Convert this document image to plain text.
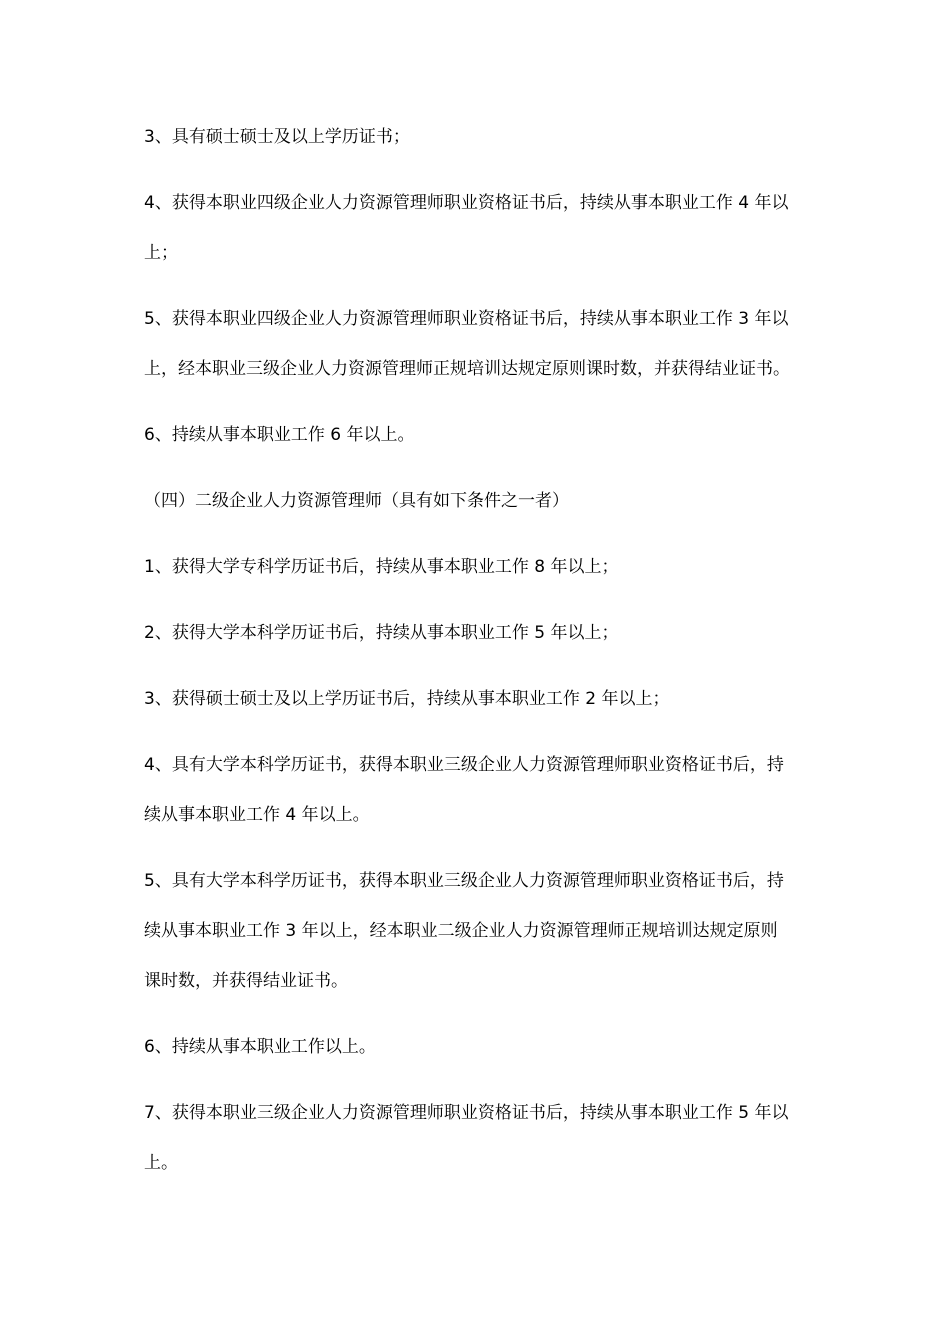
3、具有硕士硕士及以上学历证书；

4、获得本职业四级企业人力资源管理师职业资格证书后，持续从事本职业工作 4 年以
上；

5、获得本职业四级企业人力资源管理师职业资格证书后，持续从事本职业工作 3 年以
上，经本职业三级企业人力资源管理师正规培训达规定原则课时数，并获得结业证书。

6、持续从事本职业工作 6 年以上。

（四）二级企业人力资源管理师（具有如下条件之一者）

1、获得大学专科学历证书后，持续从事本职业工作 8 年以上；

2、获得大学本科学历证书后，持续从事本职业工作 5 年以上；

3、获得硕士硕士及以上学历证书后，持续从事本职业工作 2 年以上；

4、具有大学本科学历证书，获得本职业三级企业人力资源管理师职业资格证书后，持
续从事本职业工作 4 年以上。

5、具有大学本科学历证书，获得本职业三级企业人力资源管理师职业资格证书后，持
续从事本职业工作 3 年以上，经本职业二级企业人力资源管理师正规培训达规定原则
课时数，并获得结业证书。

6、持续从事本职业工作以上。

7、获得本职业三级企业人力资源管理师职业资格证书后，持续从事本职业工作 5 年以
上。
